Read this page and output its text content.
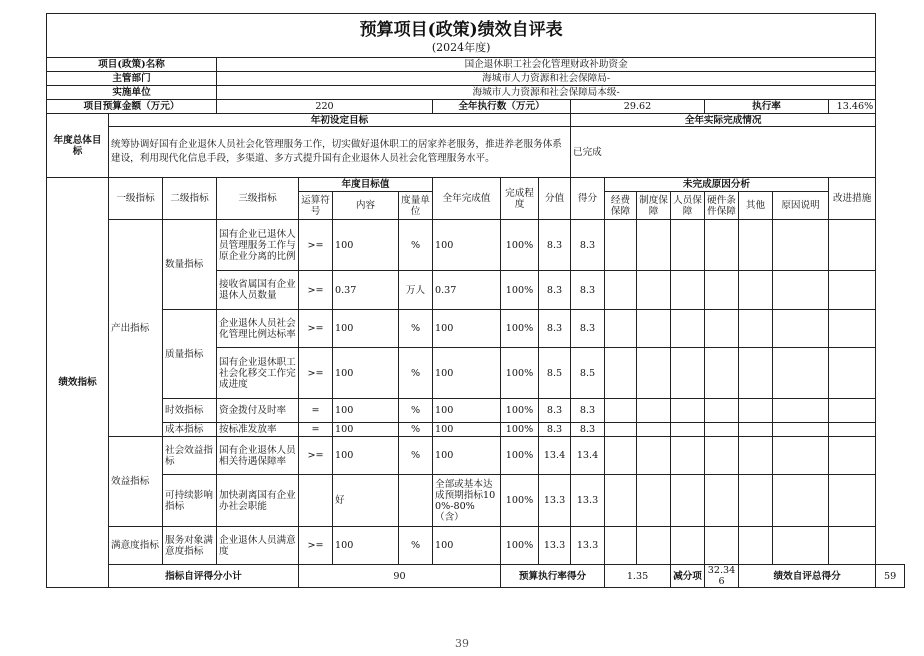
预算项目(政策)绩效自评表
(2024年度)																		

项目(政策)名称			国企退休职工社会化管理财政补助资金															
主管部门			海城市人力资源和社会保障局-															
实施单位			海城市人力资源和社会保障局本级-															
项目预算金额（万元）			220				全年执行数（万元）			29.62				执行率			13.46%	
年度总体目标	年初设定目标									全年实际完成情况								
	统筹协调好国有企业退休人员社会化管理服务工作，切实做好退休职工的居家养老服务，推进养老服务体系建设，利用现代化信息手段，多渠道、多方式提升国有企业退休人员社会化管理服务水平。									已完成								
绩效指标	一级指标	二级指标	三级指标	年度目标值			全年完成值	完成程度	分值	得分	未完成原因分析						改进措施	
				运算符号	内容	度量单位					经费保障	制度保障	人员保障	硬件条件保障	其他	原因说明		

	产出指标	数量指标	国有企业已退休人员管理服务工作与原企业分离的比例	>=	100	%	100	100%	8.3	8.3								
			接收省属国有企业退休人员数量	>=	0.37	万人	0.37	100%	8.3	8.3								
		质量指标	企业退休人员社会化管理比例达标率	>=	100	%	100	100%	8.3	8.3								
			国有企业退休职工社会化移交工作完成进度	>=	100	%	100	100%	8.5	8.5								
		时效指标	资金拨付及时率	=	100	%	100	100%	8.3	8.3								
		成本指标	按标准发放率	=	100	%	100	100%	8.3	8.3								
	效益指标	社会效益指标	国有企业退休人员相关待遇保障率	>=	100	%	100	100%	13.4	13.4								
		可持续影响指标	加快剥离国有企业办社会职能		好		全部或基本达成预期指标100%-80%（含）	100%	13.3	13.3								
	满意度指标	服务对象满意度指标	企业退休人员满意度	>=	100	%	100	100%	13.3	13.3								
	指标自评得分小计			90				预算执行率得分			1.35		减分项	32.346	绩效自评总得分			59
39
